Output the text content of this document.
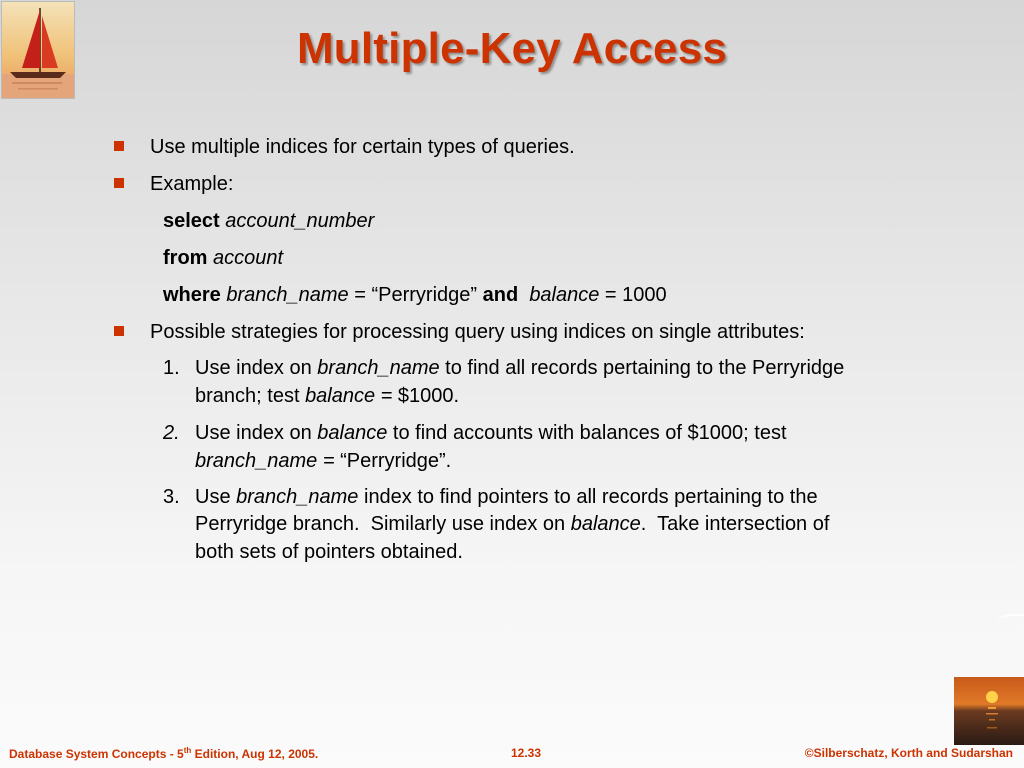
Multiple-Key Access
Use multiple indices for certain types of queries.
Example:
select account_number
from account
where branch_name = “Perryridge” and balance = 1000
Possible strategies for processing query using indices on single attributes:
1. Use index on branch_name to find all records pertaining to the Perryridge
branch; test balance = $1000.
2. Use index on balance to find accounts with balances of $1000; test
branch_name = “Perryridge”.
3. Use branch_name index to find pointers to all records pertaining to the
Perryridge branch.  Similarly use index on balance.  Take intersection of
both sets of pointers obtained.
Database System Concepts - 5th Edition, Aug 12, 2005.	12.33	©Silberschatz, Korth and Sudarshan
